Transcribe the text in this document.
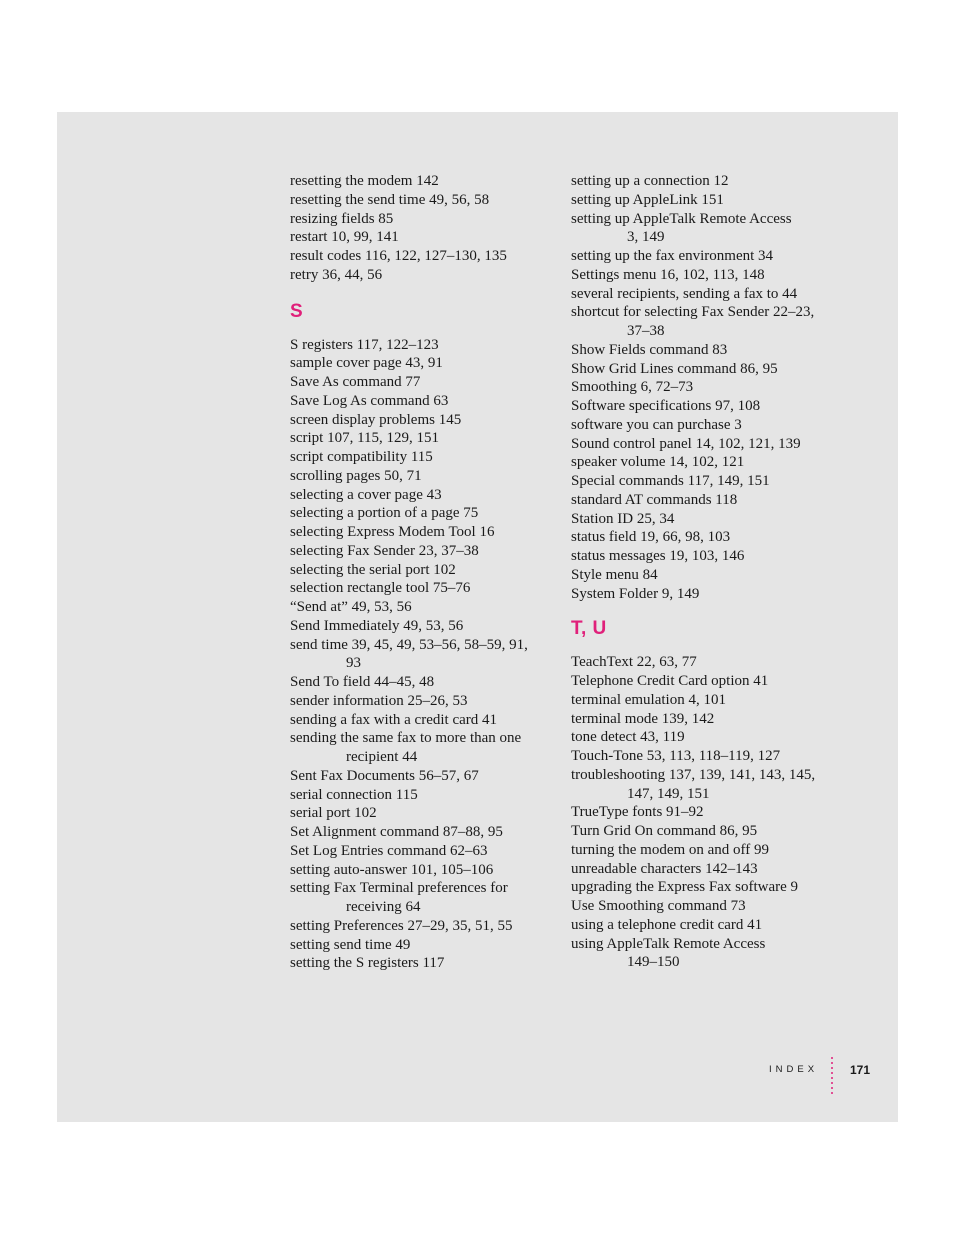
resetting the modem 142
resetting the send time 49, 56, 58
resizing fields 85
restart 10, 99, 141
result codes 116, 122, 127–130, 135
retry 36, 44, 56
S
S registers 117, 122–123
sample cover page 43, 91
Save As command 77
Save Log As command 63
screen display problems 145
script 107, 115, 129, 151
script compatibility 115
scrolling pages 50, 71
selecting a cover page 43
selecting a portion of a page 75
selecting Express Modem Tool 16
selecting Fax Sender 23, 37–38
selecting the serial port 102
selection rectangle tool 75–76
“Send at” 49, 53, 56
Send Immediately 49, 53, 56
send time 39, 45, 49, 53–56, 58–59, 91,
93
Send To field 44–45, 48
sender information 25–26, 53
sending a fax with a credit card 41
sending the same fax to more than one
recipient 44
Sent Fax Documents 56–57, 67
serial connection 115
serial port 102
Set Alignment command 87–88, 95
Set Log Entries command 62–63
setting auto-answer 101, 105–106
setting Fax Terminal preferences for
receiving 64
setting Preferences 27–29, 35, 51, 55
setting send time 49
setting the S registers 117
setting up a connection 12
setting up AppleLink 151
setting up AppleTalk Remote Access
3, 149
setting up the fax environment 34
Settings menu 16, 102, 113, 148
several recipients, sending a fax to 44
shortcut for selecting Fax Sender 22–23,
37–38
Show Fields command 83
Show Grid Lines command 86, 95
Smoothing 6, 72–73
Software specifications 97, 108
software you can purchase 3
Sound control panel 14, 102, 121, 139
speaker volume 14, 102, 121
Special commands 117, 149, 151
standard AT commands 118
Station ID 25, 34
status field 19, 66, 98, 103
status messages 19, 103, 146
Style menu 84
System Folder 9, 149
T, U
TeachText 22, 63, 77
Telephone Credit Card option 41
terminal emulation 4, 101
terminal mode 139, 142
tone detect 43, 119
Touch-Tone 53, 113, 118–119, 127
troubleshooting 137, 139, 141, 143, 145,
147, 149, 151
TrueType fonts 91–92
Turn Grid On command 86, 95
turning the modem on and off 99
unreadable characters 142–143
upgrading the Express Fax software 9
Use Smoothing command 73
using a telephone credit card 41
using AppleTalk Remote Access
149–150
INDEX	171
